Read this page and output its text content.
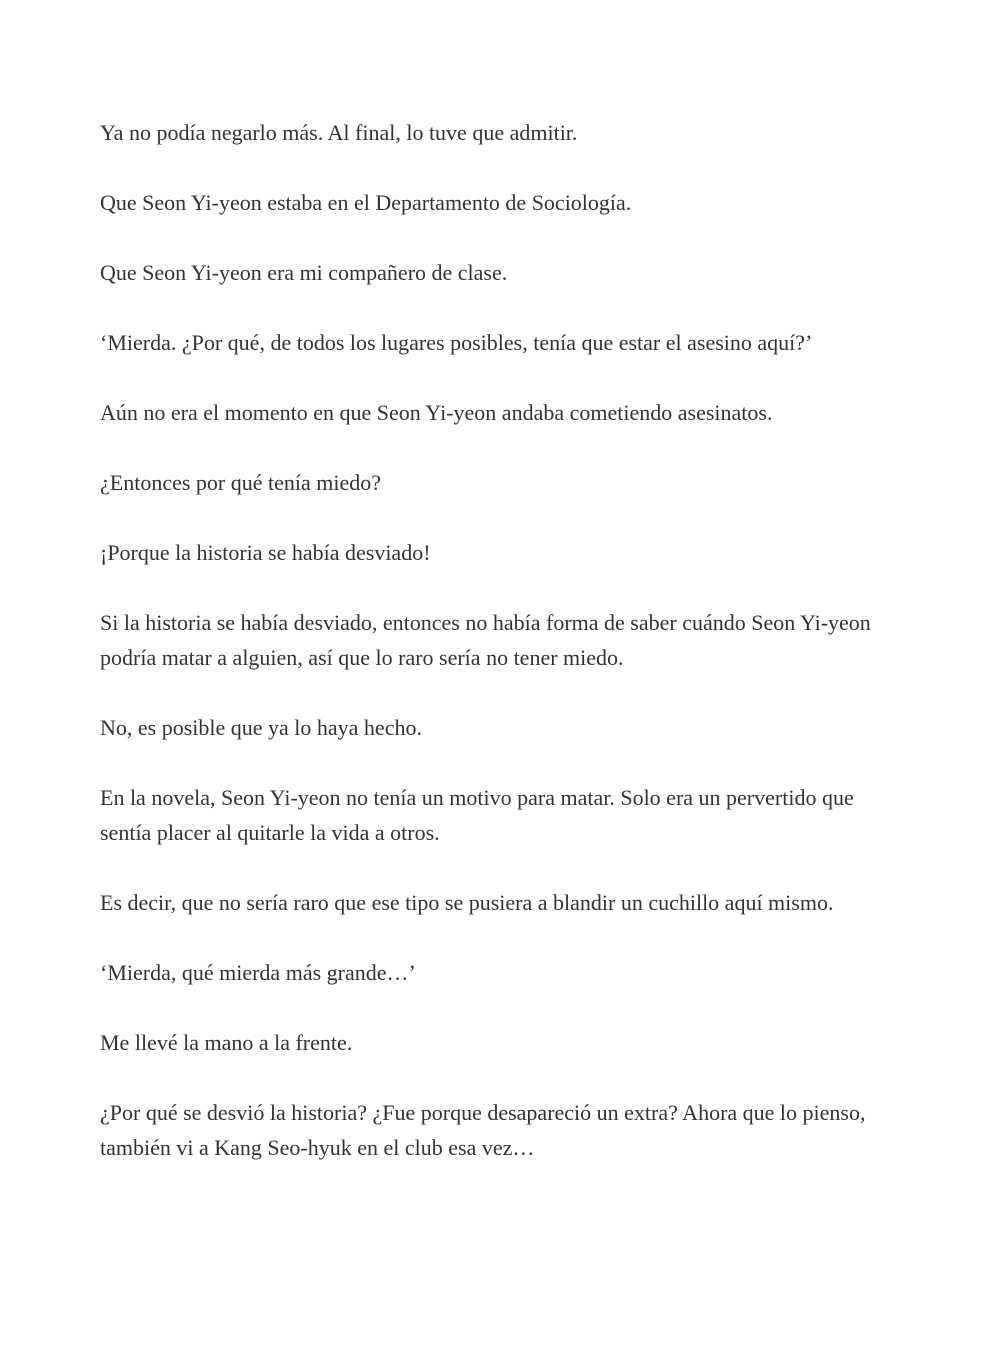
Ya no podía negarlo más. Al final, lo tuve que admitir.

Que Seon Yi-yeon estaba en el Departamento de Sociología.

Que Seon Yi-yeon era mi compañero de clase.

‘Mierda. ¿Por qué, de todos los lugares posibles, tenía que estar el asesino aquí?’

Aún no era el momento en que Seon Yi-yeon andaba cometiendo asesinatos.

¿Entonces por qué tenía miedo?

¡Porque la historia se había desviado!

Si la historia se había desviado, entonces no había forma de saber cuándo Seon Yi-yeon podría matar a alguien, así que lo raro sería no tener miedo.

No, es posible que ya lo haya hecho.

En la novela, Seon Yi-yeon no tenía un motivo para matar. Solo era un pervertido que sentía placer al quitarle la vida a otros.

Es decir, que no sería raro que ese tipo se pusiera a blandir un cuchillo aquí mismo.

‘Mierda, qué mierda más grande…’

Me llevé la mano a la frente.

¿Por qué se desvió la historia? ¿Fue porque desapareció un extra? Ahora que lo pienso, también vi a Kang Seo-hyuk en el club esa vez…
